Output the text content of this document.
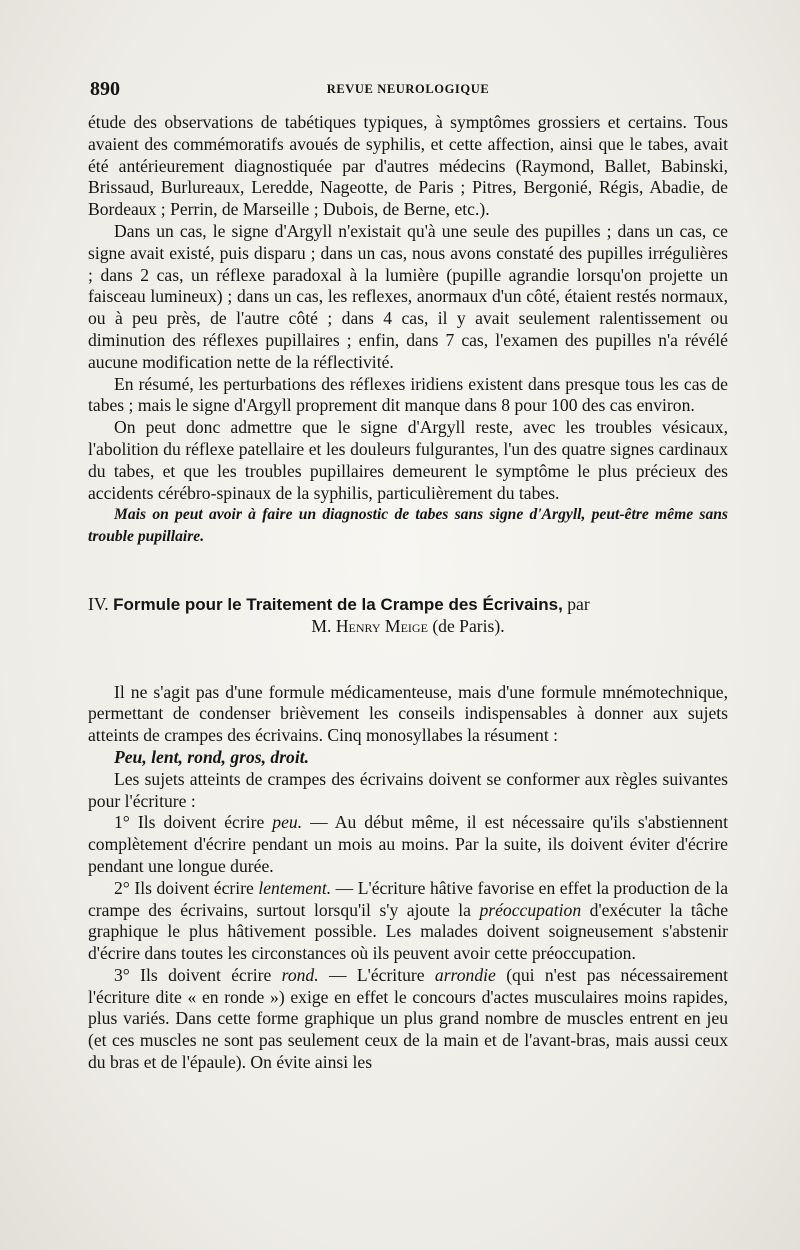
890	REVUE NEUROLOGIQUE

étude des observations de tabétiques typiques, à symptômes grossiers et certains. Tous avaient des commémoratifs avoués de syphilis, et cette affection, ainsi que le tabes, avait été antérieurement diagnostiquée par d'autres médecins (Raymond, Ballet, Babinski, Brissaud, Burlureaux, Leredde, Nageotte, de Paris ; Pitres, Bergonié, Régis, Abadie, de Bordeaux ; Perrin, de Marseille ; Dubois, de Berne, etc.).

Dans un cas, le signe d'Argyll n'existait qu'à une seule des pupilles ; dans un cas, ce signe avait existé, puis disparu ; dans un cas, nous avons constaté des pupilles irrégulières ; dans 2 cas, un réflexe paradoxal à la lumière (pupille agrandie lorsqu'on projette un faisceau lumineux) ; dans un cas, les reflexes, anormaux d'un côté, étaient restés normaux, ou à peu près, de l'autre côté ; dans 4 cas, il y avait seulement ralentissement ou diminution des réflexes pupillaires ; enfin, dans 7 cas, l'examen des pupilles n'a révélé aucune modification nette de la réflectivité.

En résumé, les perturbations des réflexes iridiens existent dans presque tous les cas de tabes ; mais le signe d'Argyll proprement dit manque dans 8 pour 100 des cas environ.

On peut donc admettre que le signe d'Argyll reste, avec les troubles vésicaux, l'abolition du réflexe patellaire et les douleurs fulgurantes, l'un des quatre signes cardinaux du tabes, et que les troubles pupillaires demeurent le symptôme le plus précieux des accidents cérébro-spinaux de la syphilis, particulièrement du tabes.

Mais on peut avoir à faire un diagnostic de tabes sans signe d'Argyll, peut-être même sans trouble pupillaire.

IV. Formule pour le Traitement de la Crampe des Écrivains, par

M. Henry Meige (de Paris).

Il ne s'agit pas d'une formule médicamenteuse, mais d'une formule mnémotechnique, permettant de condenser brièvement les conseils indispensables à donner aux sujets atteints de crampes des écrivains. Cinq monosyllabes la résument :

Peu, lent, rond, gros, droit.

Les sujets atteints de crampes des écrivains doivent se conformer aux règles suivantes pour l'écriture :

1° Ils doivent écrire peu. — Au début même, il est nécessaire qu'ils s'abstiennent complètement d'écrire pendant un mois au moins. Par la suite, ils doivent éviter d'écrire pendant une longue durée.

2° Ils doivent écrire lentement. — L'écriture hâtive favorise en effet la production de la crampe des écrivains, surtout lorsqu'il s'y ajoute la préoccupation d'exécuter la tâche graphique le plus hâtivement possible. Les malades doivent soigneusement s'abstenir d'écrire dans toutes les circonstances où ils peuvent avoir cette préoccupation.

3° Ils doivent écrire rond. — L'écriture arrondie (qui n'est pas nécessairement l'écriture dite « en ronde ») exige en effet le concours d'actes musculaires moins rapides, plus variés. Dans cette forme graphique un plus grand nombre de muscles entrent en jeu (et ces muscles ne sont pas seulement ceux de la main et de l'avant-bras, mais aussi ceux du bras et de l'épaule). On évite ainsi les
